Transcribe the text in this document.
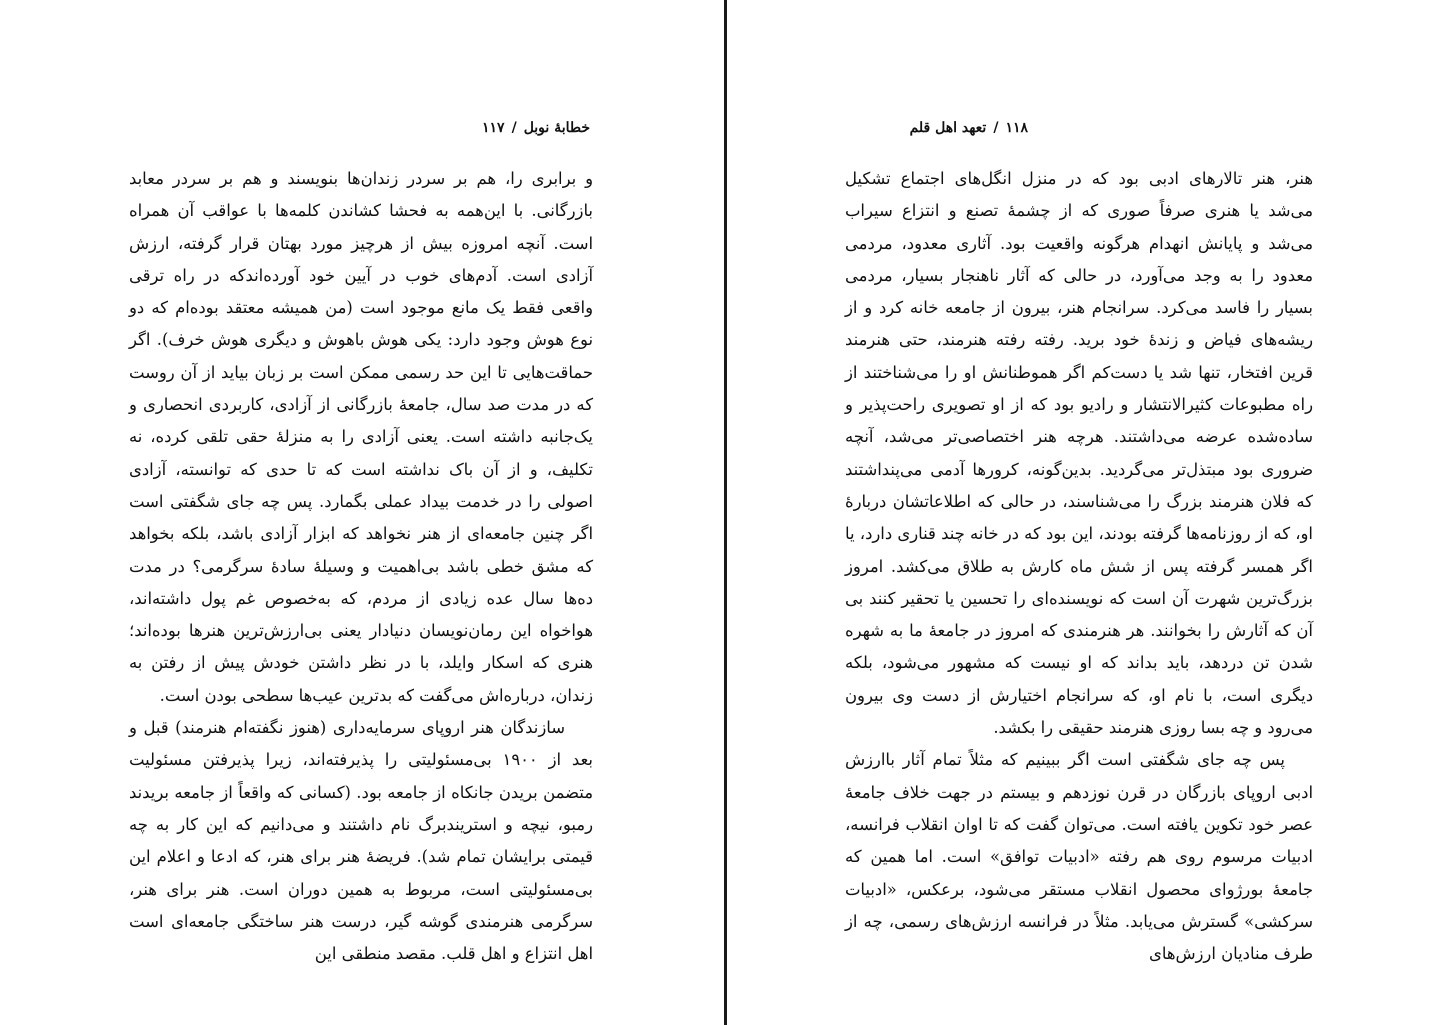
خطابهٔ نوبل/۱۱۷

و برابری را، هم بر سردر زندان‌ها بنویسند و هم بر سردر معابد بازرگانی. با این‌همه به فحشا کشاندن کلمه‌ها با عواقب آن همراه است. آنچه امروزه بیش از هرچیز مورد بهتان قرار گرفته، ارزش آزادی است. آدم‌های خوب در آیین خود آورده‌اندکه در راه ترقی واقعی فقط یک مانع موجود است (من همیشه معتقد بوده‌ام که دو نوع هوش وجود دارد: یکی هوش باهوش و دیگری هوش خرف). اگر حماقت‌هایی تا این حد رسمی ممکن است بر زبان بیاید از آن روست که در مدت صد سال، جامعهٔ بازرگانی از آزادی، کاربردی انحصاری و یک‌جانبه داشته است. یعنی آزادی را به منزلهٔ حقی تلقی کرده، نه تکلیف، و از آن باک نداشته است که تا حدی که توانسته، آزادی اصولی را در خدمت بیداد عملی بگمارد. پس چه جای شگفتی است اگر چنین جامعه‌ای از هنر نخواهد که ابزار آزادی باشد، بلکه بخواهد که مشق خطی باشد بی‌اهمیت و وسیلهٔ سادهٔ سرگرمی؟ در مدت ده‌ها سال عده زیادی از مردم، که به‌خصوص غم پول داشته‌اند، هواخواه این رمان‌نویسان دنیادار یعنی بی‌ارزش‌ترین هنرها بوده‌اند؛ هنری که اسکار وایلد، با در نظر داشتن خودش پیش از رفتن به زندان، درباره‌اش می‌گفت که بدترین عیب‌ها سطحی بودن است.

سازندگان هنر اروپای سرمایه‌داری (هنوز نگفته‌ام هنرمند) قبل و بعد از ۱۹۰۰ بی‌مسئولیتی را پذیرفته‌اند، زیرا پذیرفتن مسئولیت متضمن بریدن جانکاه از جامعه بود. (کسانی که واقعاً از جامعه بریدند رمبو، نیچه و استریندبرگ نام داشتند و می‌دانیم که این کار به چه قیمتی برایشان تمام شد). فریضهٔ هنر برای هنر، که ادعا و اعلام این بی‌مسئولیتی است، مربوط به همین دوران است. هنر برای هنر، سرگرمی هنرمندی گوشه گیر، درست هنر ساختگی جامعه‌ای است اهل انتزاع و اهل قلب. مقصد منطقی این

۱۱۸/تعهد اهل قلم

هنر، هنر تالارهای ادبی بود که در منزل انگل‌های اجتماع تشکیل می‌شد یا هنری صرفاً صوری که از چشمهٔ تصنع و انتزاع سیراب می‌شد و پایانش انهدام هرگونه واقعیت بود. آثاری معدود، مردمی معدود را به وجد می‌آورد، در حالی که آثار ناهنجار بسیار، مردمی بسیار را فاسد می‌کرد. سرانجام هنر، بیرون از جامعه خانه کرد و از ریشه‌های فیاض و زندهٔ خود برید. رفته رفته هنرمند، حتی هنرمند قرین افتخار، تنها شد یا دست‌کم اگر هموطنانش او را می‌شناختند از راه مطبوعات کثیرالانتشار و رادیو بود که از او تصویری راحت‌پذیر و ساده‌شده عرضه می‌داشتند. هرچه هنر اختصاصی‌تر می‌شد، آنچه ضروری بود مبتذل‌تر می‌گردید. بدین‌گونه، کرورها آدمی می‌پنداشتند که فلان هنرمند بزرگ را می‌شناسند، در حالی که اطلاعاتشان دربارهٔ او، که از روزنامه‌ها گرفته بودند، این بود که در خانه چند قناری دارد، یا اگر همسر گرفته پس از شش ماه کارش به طلاق می‌کشد. امروز بزرگ‌ترین شهرت آن است که نویسنده‌ای را تحسین یا تحقیر کنند بی آن که آثارش را بخوانند. هر هنرمندی که امروز در جامعهٔ ما به شهره شدن تن دردهد، باید بداند که او نیست که مشهور می‌شود، بلکه دیگری است، با نام او، که سرانجام اختیارش از دست وی بیرون می‌رود و چه بسا روزی هنرمند حقیقی را بکشد.

پس چه جای شگفتی است اگر ببینیم که مثلاً تمام آثار باارزش ادبی اروپای بازرگان در قرن نوزدهم و بیستم در جهت خلاف جامعهٔ عصر خود تکوین یافته است. می‌توان گفت که تا اوان انقلاب فرانسه، ادبیات مرسوم روی هم رفته «ادبیات توافق» است. اما همین که جامعهٔ بورژوای محصول انقلاب مستقر می‌شود، برعکس، «ادبیات سرکشی» گسترش می‌یابد. مثلاً در فرانسه ارزش‌های رسمی، چه از طرف منادیان ارزش‌های
